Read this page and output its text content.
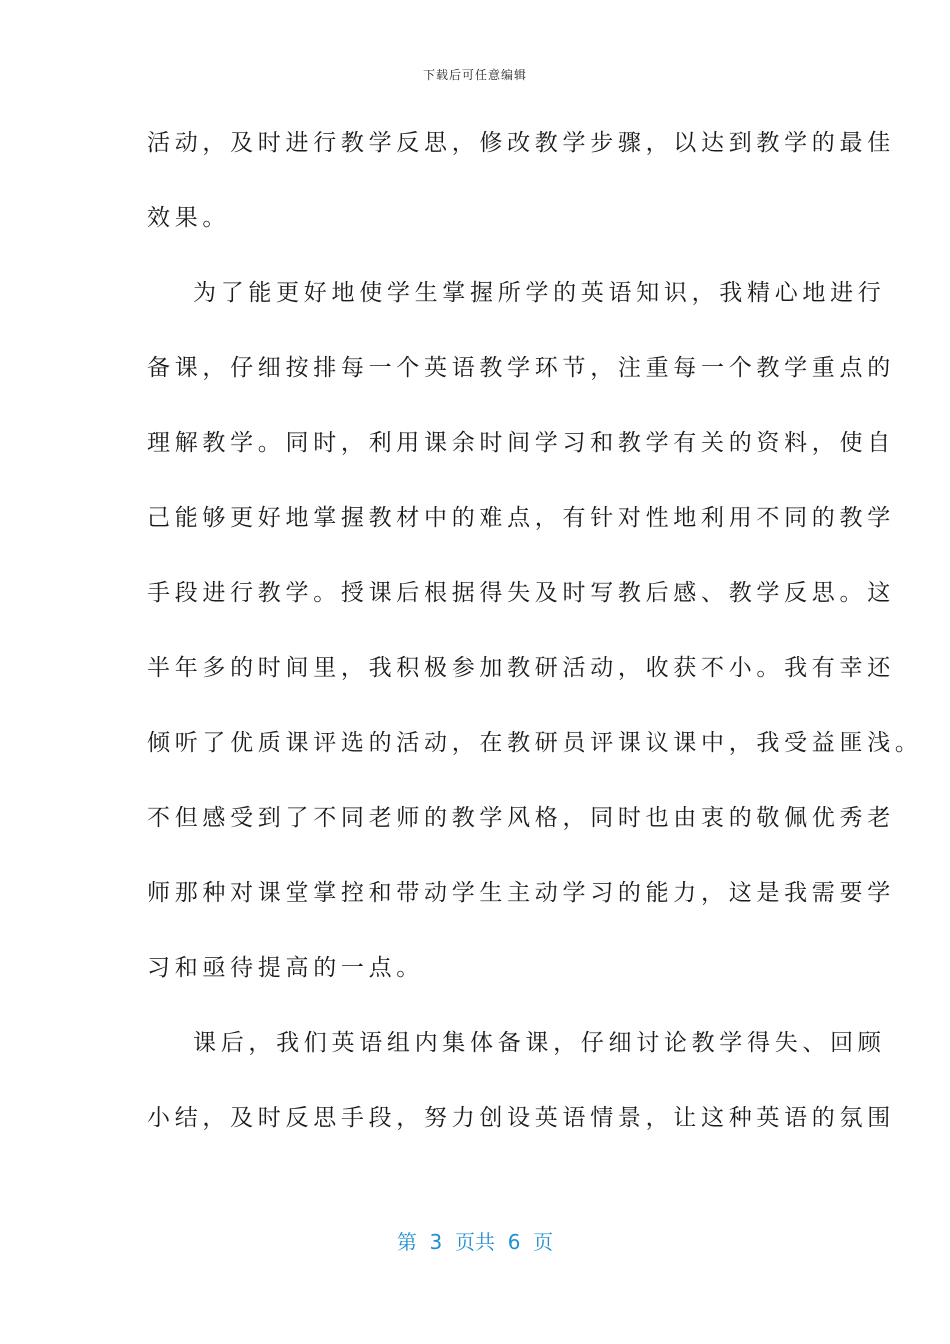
下载后可任意编辑
活动，及时进行教学反思，修改教学步骤，以达到教学的最佳
效果。
为了能更好地使学生掌握所学的英语知识，我精心地进行
备课，仔细按排每一个英语教学环节，注重每一个教学重点的
理解教学。同时，利用课余时间学习和教学有关的资料，使自
己能够更好地掌握教材中的难点，有针对性地利用不同的教学
手段进行教学。授课后根据得失及时写教后感、教学反思。这
半年多的时间里，我积极参加教研活动，收获不小。我有幸还
倾听了优质课评选的活动，在教研员评课议课中，我受益匪浅。
不但感受到了不同老师的教学风格，同时也由衷的敬佩优秀老
师那种对课堂掌控和带动学生主动学习的能力，这是我需要学
习和亟待提高的一点。
课后，我们英语组内集体备课，仔细讨论教学得失、回顾
小结，及时反思手段，努力创设英语情景，让这种英语的氛围
第  3  页共  6  页
